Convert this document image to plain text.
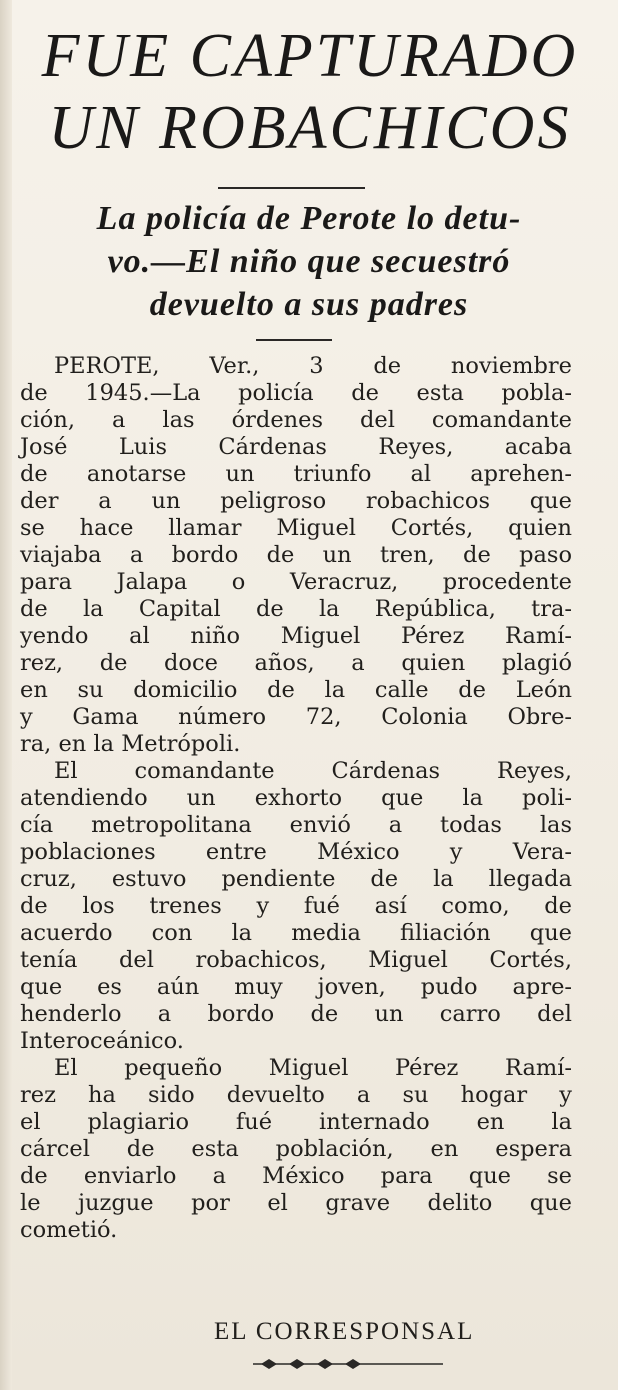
FUE CAPTURADO
UN ROBACHICOS
La policía de Perote lo detu-
vo.—El niño que secuestró
devuelto a sus padres
PEROTE, Ver., 3 de noviembre
de 1945.—La policía de esta pobla-
ción, a las órdenes del comandante
José Luis Cárdenas Reyes, acaba
de anotarse un triunfo al aprehen-
der a un peligroso robachicos que
se hace llamar Miguel Cortés, quien
viajaba a bordo de un tren, de paso
para Jalapa o Veracruz, procedente
de la Capital de la República, tra-
yendo al niño Miguel Pérez Ramí-
rez, de doce años, a quien plagió
en su domicilio de la calle de León
y Gama número 72, Colonia Obre-
ra, en la Metrópoli.
El comandante Cárdenas Reyes,
atendiendo un exhorto que la poli-
cía metropolitana envió a todas las
poblaciones entre México y Vera-
cruz, estuvo pendiente de la llegada
de los trenes y fué así como, de
acuerdo con la media filiación que
tenía del robachicos, Miguel Cortés,
que es aún muy joven, pudo apre-
henderlo a bordo de un carro del
Interoceánico.
El pequeño Miguel Pérez Ramí-
rez ha sido devuelto a su hogar y
el plagiario fué internado en la
cárcel de esta población, en espera
de enviarlo a México para que se
le juzgue por el grave delito que
cometió.

EL CORRESPONSAL
